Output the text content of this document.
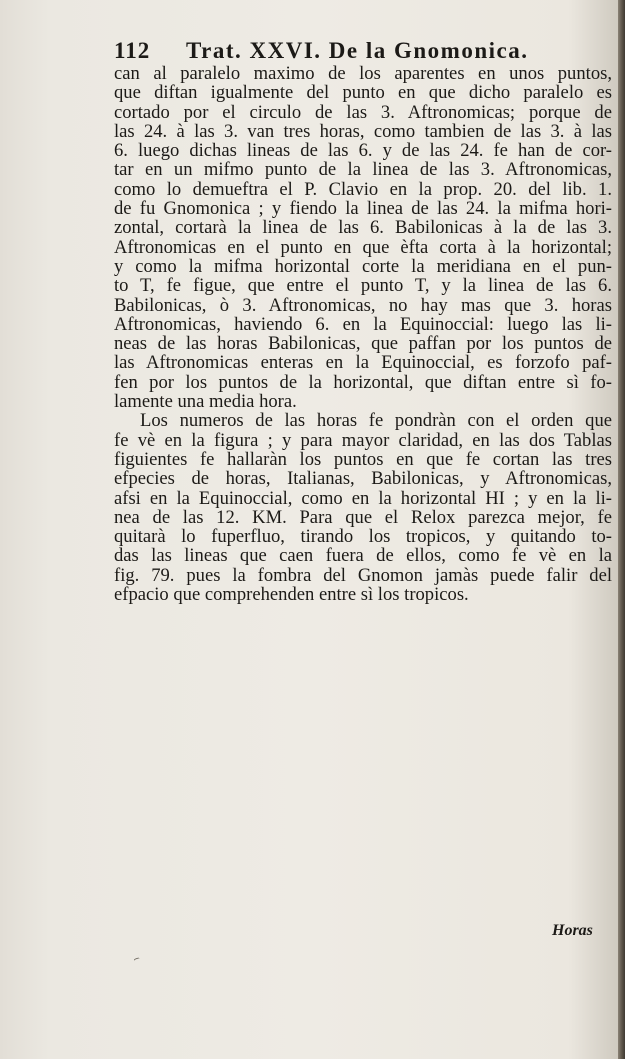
112 Trat. XXVI. De la Gnomonica.
can al paralelo maximo de los aparentes en unos puntos,
que diftan igualmente del punto en que dicho paralelo es
cortado por el circulo de las 3. Aftronomicas; porque de
las 24. à las 3. van tres horas, como tambien de las 3. à las
6. luego dichas lineas de las 6. y de las 24. fe han de cor-
tar en un mifmo punto de la linea de las 3. Aftronomicas,
como lo demueftra el P. Clavio en la prop. 20. del lib. 1.
de fu Gnomonica ; y fiendo la linea de las 24. la mifma hori-
zontal, cortarà la linea de las 6. Babilonicas à la de las 3.
Aftronomicas en el punto en que èfta corta à la horizontal;
y como la mifma horizontal corte la meridiana en el pun-
to T, fe figue, que entre el punto T, y la linea de las 6.
Babilonicas, ò 3. Aftronomicas, no hay mas que 3. horas
Aftronomicas, haviendo 6. en la Equinoccial: luego las li-
neas de las horas Babilonicas, que paffan por los puntos de
las Aftronomicas enteras en la Equinoccial, es forzofo paf-
fen por los puntos de la horizontal, que diftan entre sì fo-
lamente una media hora.
Los numeros de las horas fe pondràn con el orden que
fe vè en la figura ; y para mayor claridad, en las dos Tablas
figuientes fe hallaràn los puntos en que fe cortan las tres
efpecies de horas, Italianas, Babilonicas, y Aftronomicas,
afsi en la Equinoccial, como en la horizontal HI ; y en la li-
nea de las 12. KM. Para que el Relox parezca mejor, fe
quitarà lo fuperfluo, tirando los tropicos, y quitando to-
das las lineas que caen fuera de ellos, como fe vè en la
fig. 79. pues la fombra del Gnomon jamàs puede falir del
efpacio que comprehenden entre sì los tropicos.
Horas
